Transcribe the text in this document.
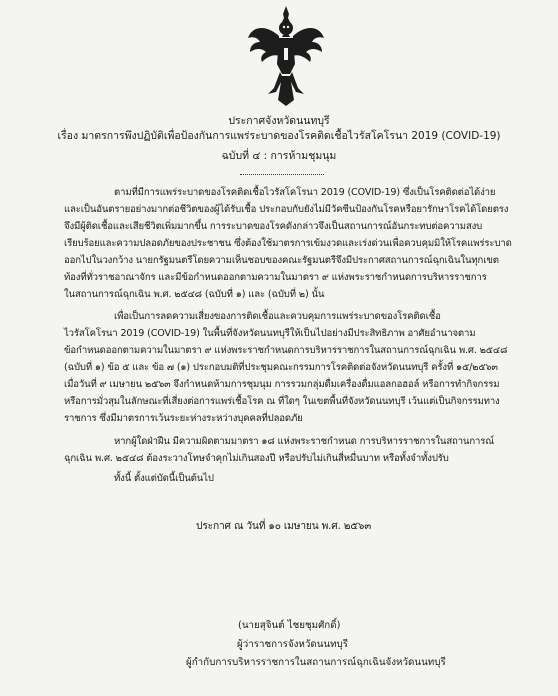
ประกาศจังหวัดนนทบุรี
เรื่อง มาตรการพึงปฏิบัติเพื่อป้องกันการแพร่ระบาดของโรคติดเชื้อไวรัสโคโรนา 2019 (COVID-19)
ฉบับที่ ๔ : การห้ามชุมนุม
ตามที่มีการแพร่ระบาดของโรคติดเชื้อไวรัสโคโรนา 2019 (COVID-19) ซึ่งเป็นโรคติดต่อได้ง่าย
และเป็นอันตรายอย่างมากต่อชีวิตของผู้ได้รับเชื้อ ประกอบกับยังไม่มีวัคซีนป้องกันโรคหรือยารักษาโรคได้โดยตรง
จึงมีผู้ติดเชื้อและเสียชีวิตเพิ่มมากขึ้น การระบาดของโรคดังกล่าวจึงเป็นสถานการณ์อันกระทบต่อความสงบ
เรียบร้อยและความปลอดภัยของประชาชน ซึ่งต้องใช้มาตรการเข้มงวดและเร่งด่วนเพื่อควบคุมมิให้โรคแพร่ระบาด
ออกไปในวงกว้าง นายกรัฐมนตรีโดยความเห็นชอบของคณะรัฐมนตรีจึงมีประกาศสถานการณ์ฉุกเฉินในทุกเขต
ท้องที่ทั่วราชอาณาจักร และมีข้อกำหนดออกตามความในมาตรา ๙ แห่งพระราชกำหนดการบริหารราชการ
ในสถานการณ์ฉุกเฉิน พ.ศ. ๒๕๔๘ (ฉบับที่ ๑) และ (ฉบับที่ ๒) นั้น
เพื่อเป็นการลดความเสี่ยงของการติดเชื้อและควบคุมการแพร่ระบาดของโรคติดเชื้อ
ไวรัสโคโรนา 2019 (COVID-19) ในพื้นที่จังหวัดนนทบุรีให้เป็นไปอย่างมีประสิทธิภาพ อาศัยอำนาจตาม
ข้อกำหนดออกตามความในมาตรา ๙ แห่งพระราชกำหนดการบริหารราชการในสถานการณ์ฉุกเฉิน พ.ศ. ๒๕๔๘
(ฉบับที่ ๑) ข้อ ๕ และ ข้อ ๗ (๑) ประกอบมติที่ประชุมคณะกรรมการโรคติดต่อจังหวัดนนทบุรี ครั้งที่ ๑๕/๒๕๖๓
เมื่อวันที่ ๙ เมษายน ๒๕๖๓ จึงกำหนดห้ามการชุมนุม การรวมกลุ่มดื่มเครื่องดื่มแอลกอฮอล์ หรือการทำกิจกรรม
หรือการมั่วสุมในลักษณะที่เสี่ยงต่อการแพร่เชื้อโรค ณ ที่ใดๆ ในเขตพื้นที่จังหวัดนนทบุรี เว้นแต่เป็นกิจกรรมทาง
ราชการ ซึ่งมีมาตรการเว้นระยะห่างระหว่างบุคคลที่ปลอดภัย
หากผู้ใดฝ่าฝืน มีความผิดตามมาตรา ๑๘ แห่งพระราชกำหนด การบริหารราชการในสถานการณ์
ฉุกเฉิน พ.ศ. ๒๕๔๘ ต้องระวางโทษจำคุกไม่เกินสองปี หรือปรับไม่เกินสี่หมื่นบาท หรือทั้งจำทั้งปรับ
ทั้งนี้ ตั้งแต่บัดนี้เป็นต้นไป
ประกาศ ณ วันที่ ๑๐ เมษายน พ.ศ. ๒๕๖๓
(นายสุจินต์ ไชยชุมศักดิ์)
ผู้ว่าราชการจังหวัดนนทบุรี
ผู้กำกับการบริหารราชการในสถานการณ์ฉุกเฉินจังหวัดนนทบุรี
